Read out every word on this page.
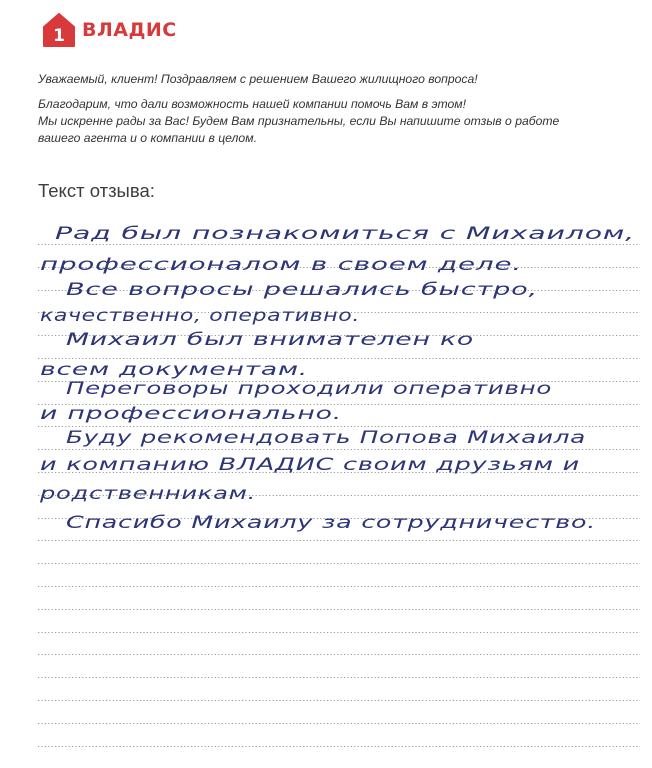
1 ВЛАДИС

Уважаемый, клиент! Поздравляем с решением Вашего жилищного вопроса!

Благодарим, что дали возможность нашей компании помочь Вам в этом!
Мы искренне рады за Вас! Будем Вам признательны, если Вы напишите отзыв о работе
вашего агента и о компании в целом.

Текст отзыва:
Рад был познакомиться с Михаилом,
профессионалом в своем деле.
Все вопросы решались быстро,
качественно, оперативно.
Михаил был внимателен ко
всем документам.
Переговоры проходили оперативно
и профессионально.
Буду рекомендовать Попова Михаила
и компанию ВЛАДИС своим друзьям и
родственникам.
Спасибо Михаилу за сотрудничество.
